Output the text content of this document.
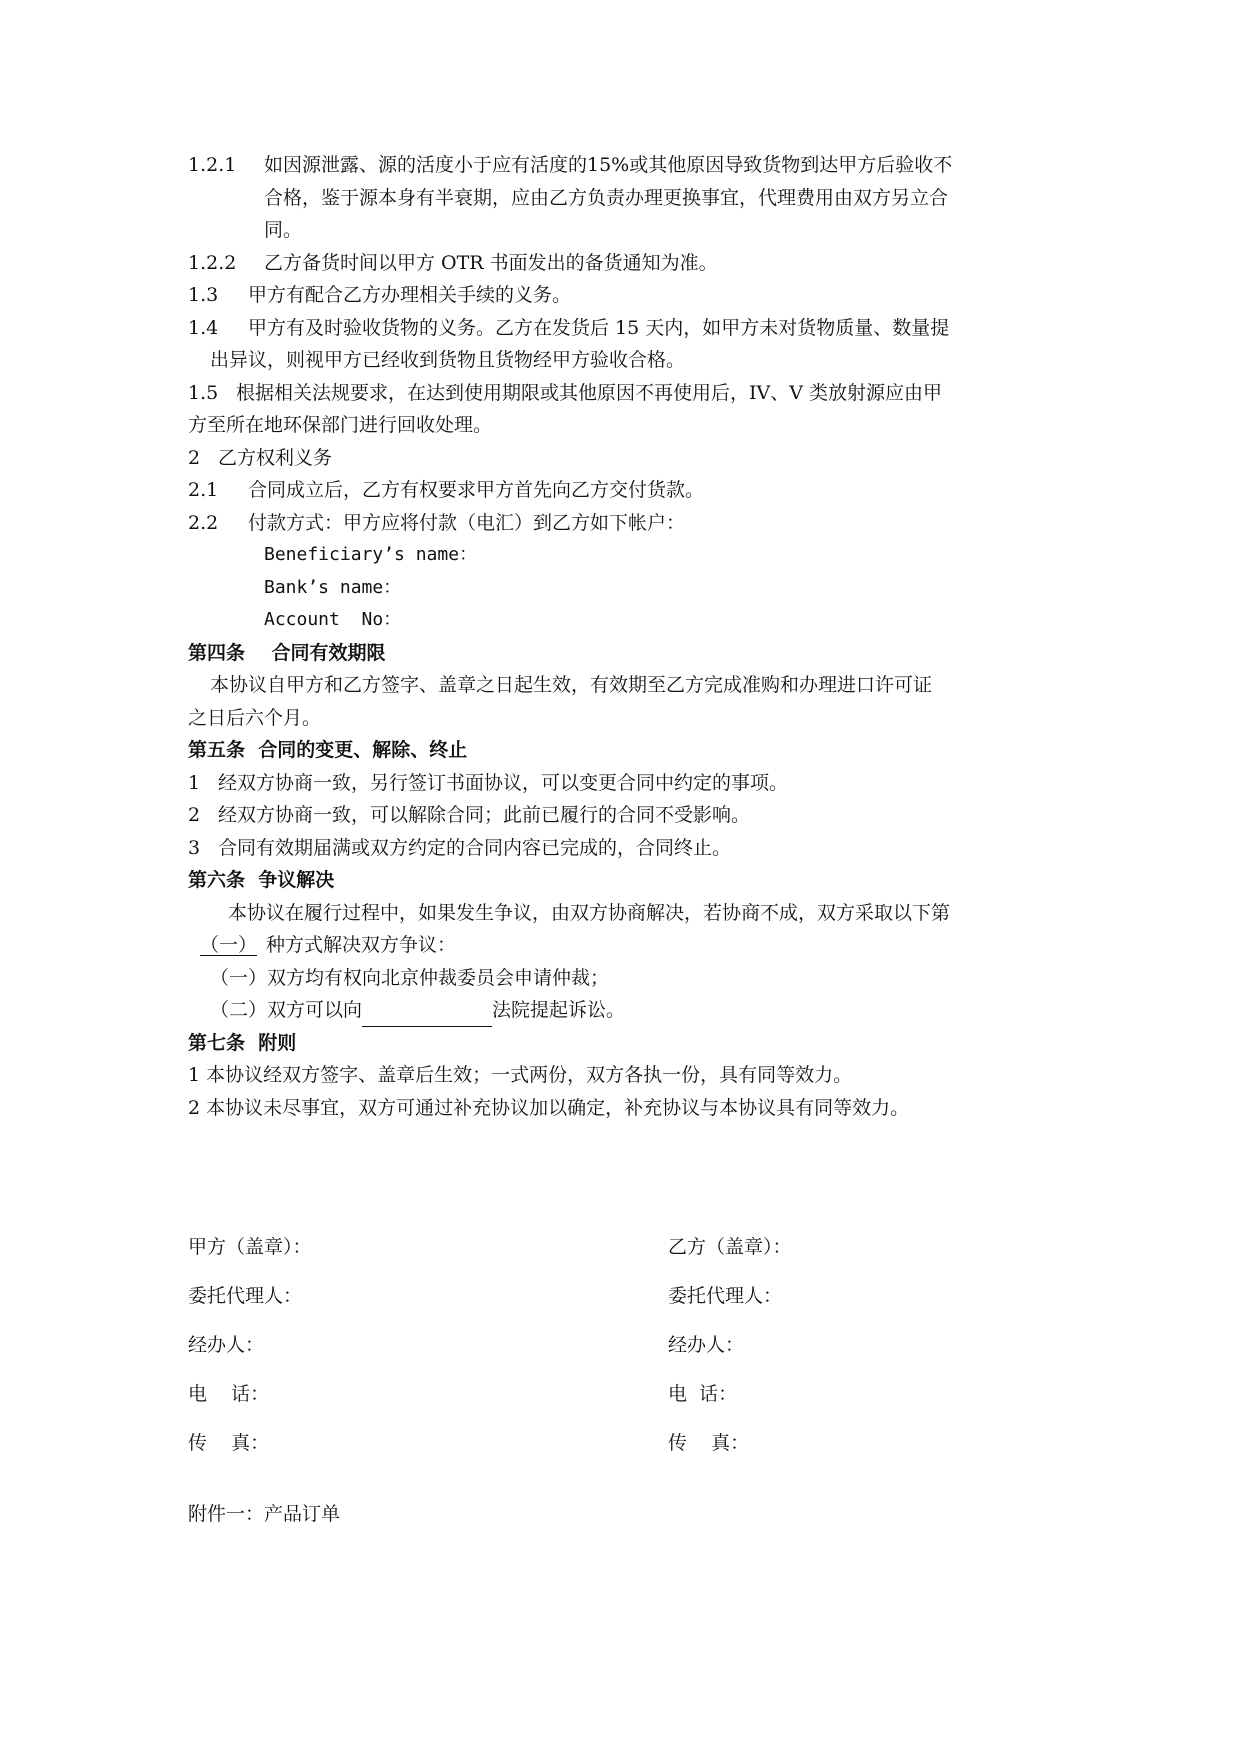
1.2.1 如因源泄露、源的活度小于应有活度的15%或其他原因导致货物到达甲方后验收不
合格，鉴于源本身有半衰期，应由乙方负责办理更换事宜，代理费用由双方另立合
同。
1.2.2 乙方备货时间以甲方 OTR 书面发出的备货通知为准。
1.3 甲方有配合乙方办理相关手续的义务。
1.4 甲方有及时验收货物的义务。乙方在发货后 15 天内，如甲方未对货物质量、数量提
出异议，则视甲方已经收到货物且货物经甲方验收合格。
1.5 根据相关法规要求，在达到使用期限或其他原因不再使用后，IV、V 类放射源应由甲
方至所在地环保部门进行回收处理。
2 乙方权利义务
2.1 合同成立后，乙方有权要求甲方首先向乙方交付货款。
2.2 付款方式：甲方应将付款（电汇）到乙方如下帐户：
Beneficiary’s name：
Bank’s name：
Account  No：
第四条    合同有效期限
本协议自甲方和乙方签字、盖章之日起生效，有效期至乙方完成准购和办理进口许可证
之日后六个月。
第五条  合同的变更、解除、终止
1 经双方协商一致，另行签订书面协议，可以变更合同中约定的事项。
2 经双方协商一致，可以解除合同；此前已履行的合同不受影响。
3 合同有效期届满或双方约定的合同内容已完成的，合同终止。
第六条  争议解决
本协议在履行过程中，如果发生争议，由双方协商解决，若协商不成，双方采取以下第
（一） 种方式解决双方争议：
（一）双方均有权向北京仲裁委员会申请仲裁；
（二）双方可以向	法院提起诉讼。
第七条  附则
1 本协议经双方签字、盖章后生效；一式两份，双方各执一份，具有同等效力。
2 本协议未尽事宜，双方可通过补充协议加以确定，补充协议与本协议具有同等效力。
甲方（盖章）：	乙方（盖章）：
委托代理人：	委托代理人：
经办人：	经办人：
电    话：	电  话：
传    真：	传    真：
附件一：产品订单
